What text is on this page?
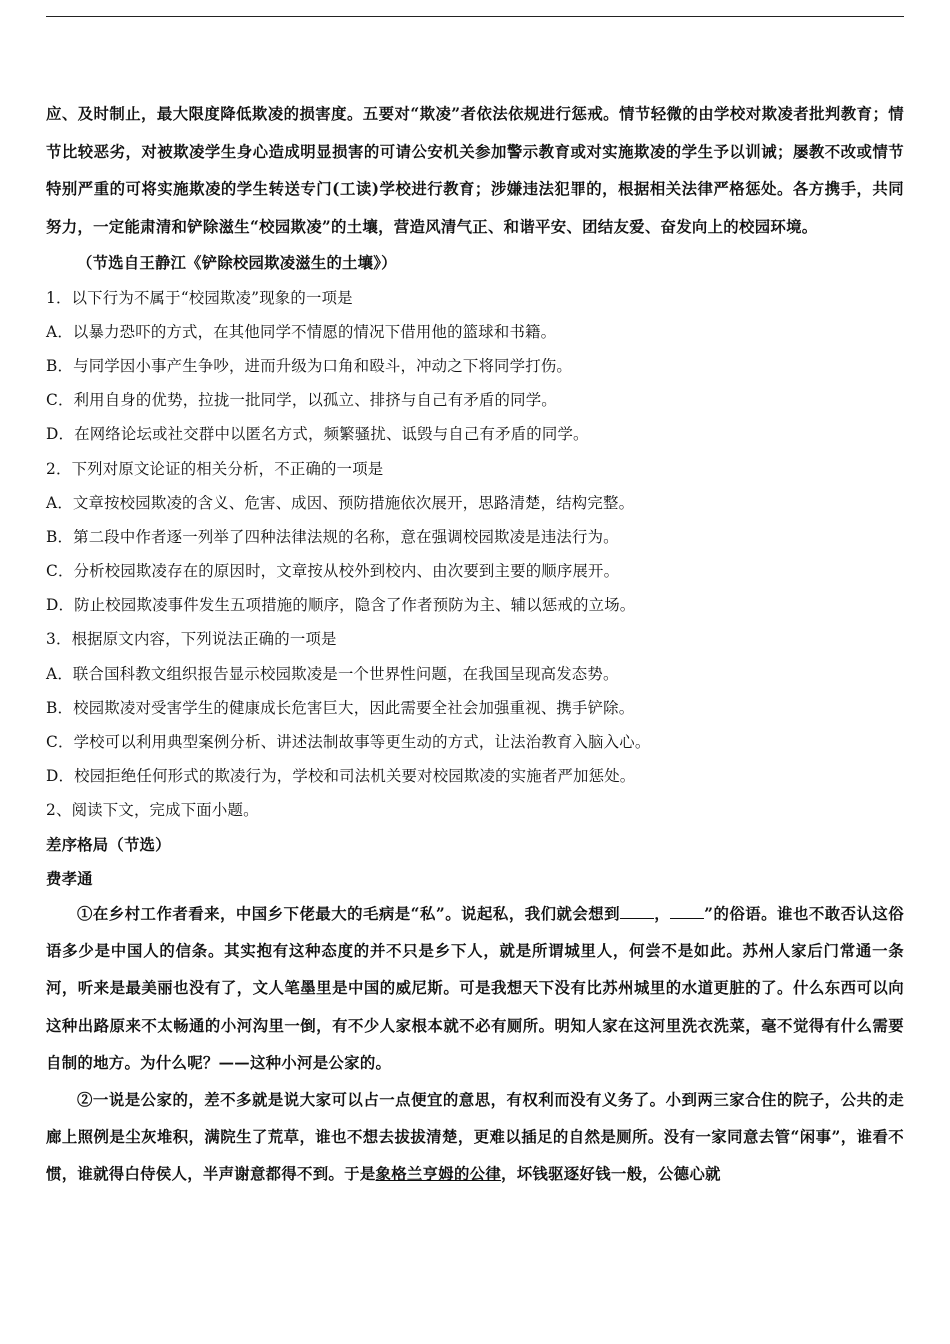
应、及时制止，最大限度降低欺凌的损害度。五要对“欺凌”者依法依规进行惩戒。情节轻微的由学校对欺凌者批判教育；情节比较恶劣，对被欺凌学生身心造成明显损害的可请公安机关参加警示教育或对实施欺凌的学生予以训诫；屡教不改或情节特别严重的可将实施欺凌的学生转送专门(工读)学校进行教育；涉嫌违法犯罪的，根据相关法律严格惩处。各方携手，共同努力，一定能肃清和铲除滋生“校园欺凌”的土壤，营造风清气正、和谐平安、团结友爱、奋发向上的校园环境。

（节选自王静江《铲除校园欺凌滋生的土壤》）
1．以下行为不属于“校园欺凌”现象的一项是
A．以暴力恐吓的方式，在其他同学不情愿的情况下借用他的篮球和书籍。
B．与同学因小事产生争吵，进而升级为口角和殴斗，冲动之下将同学打伤。
C．利用自身的优势，拉拢一批同学，以孤立、排挤与自己有矛盾的同学。
D．在网络论坛或社交群中以匿名方式，频繁骚扰、诋毁与自己有矛盾的同学。
2．下列对原文论证的相关分析，不正确的一项是
A．文章按校园欺凌的含义、危害、成因、预防措施依次展开，思路清楚，结构完整。
B．第二段中作者逐一列举了四种法律法规的名称，意在强调校园欺凌是违法行为。
C．分析校园欺凌存在的原因时，文章按从校外到校内、由次要到主要的顺序展开。
D．防止校园欺凌事件发生五项措施的顺序，隐含了作者预防为主、辅以惩戒的立场。
3．根据原文内容，下列说法正确的一项是
A．联合国科教文组织报告显示校园欺凌是一个世界性问题，在我国呈现高发态势。
B．校园欺凌对受害学生的健康成长危害巨大，因此需要全社会加强重视、携手铲除。
C．学校可以利用典型案例分析、讲述法制故事等更生动的方式，让法治教育入脑入心。
D．校园拒绝任何形式的欺凌行为，学校和司法机关要对校园欺凌的实施者严加惩处。
2、阅读下文，完成下面小题。
差序格局（节选）
费孝通

①在乡村工作者看来，中国乡下佬最大的毛病是“私”。说起私，我们就会想到 ， ”的俗语。谁也不敢否认这俗语多少是中国人的信条。其实抱有这种态度的并不只是乡下人，就是所谓城里人，何尝不是如此。苏州人家后门常通一条河，听来是最美丽也没有了，文人笔墨里是中国的威尼斯。可是我想天下没有比苏州城里的水道更脏的了。什么东西可以向这种出路原来不太畅通的小河沟里一倒，有不少人家根本就不必有厕所。明知人家在这河里洗衣洗菜，毫不觉得有什么需要自制的地方。为什么呢？——这种小河是公家的。

②一说是公家的，差不多就是说大家可以占一点便宜的意思，有权利而没有义务了。小到两三家合住的院子，公共的走廊上照例是尘灰堆积，满院生了荒草，谁也不想去拔拔清楚，更难以插足的自然是厕所。没有一家同意去管“闲事”，谁看不惯，谁就得白侍侯人，半声谢意都得不到。于是象格兰亨姆的公律，坏钱驱逐好钱一般，公德心就
